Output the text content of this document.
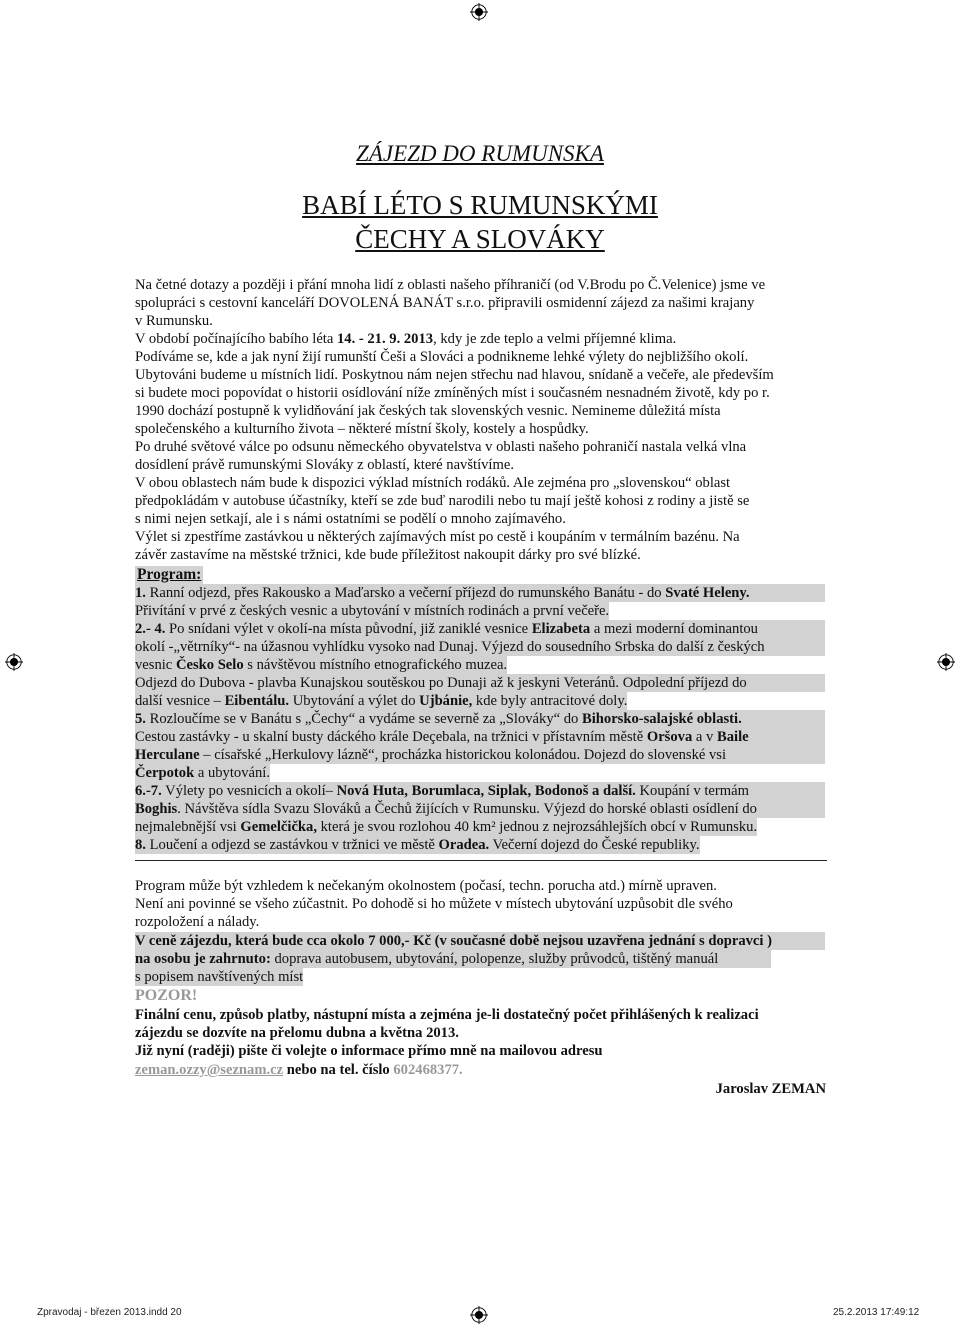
ZÁJEZD DO RUMUNSKA
BABÍ LÉTO S RUMUNSKÝMI
ČECHY A SLOVÁKY
Na četné dotazy a později i přání mnoha lidí z oblasti našeho příhraničí (od V.Brodu po Č.Velenice) jsme ve
spolupráci s cestovní kanceláří DOVOLENÁ BANÁT s.r.o. připravili osmidenní zájezd za našimi krajany
v Rumunsku.
V období počínajícího babího léta 14. - 21. 9. 2013, kdy je zde teplo a velmi příjemné klima.
Podíváme se, kde a jak nyní žijí rumunští Češi a Slováci a podnikneme lehké výlety do nejbližšího okolí.
Ubytováni budeme u místních lidí. Poskytnou nám nejen střechu nad hlavou, snídaně a večeře, ale především
si budete moci popovídat o historii osídlování níže zmíněných míst i současném nesnadném životě, kdy po r.
1990 dochází postupně k vylidňování jak českých tak slovenských vesnic. Nemineme důležitá místa
společenského a kulturního života – některé místní školy, kostely a hospůdky.
Po druhé světové válce po odsunu německého obyvatelstva v oblasti našeho pohraničí nastala velká vlna
dosídlení právě rumunskými Slováky z oblastí, které navštívíme.
V obou oblastech nám bude k dispozici výklad místních rodáků. Ale zejména pro „slovenskou“ oblast
předpokládám v autobuse účastníky, kteří se zde buď narodili nebo tu mají ještě kohosi z rodiny a jistě se
s nimi nejen setkají, ale i s námi ostatními se podělí o mnoho zajímavého.
Výlet si zpestříme zastávkou u některých zajímavých míst po cestě i koupáním v termálním bazénu. Na
závěr zastavíme na městské tržnici, kde bude příležitost nakoupit dárky pro své blízké.
Program:
1. Ranní odjezd, přes Rakousko a Maďarsko a večerní příjezd do rumunského Banátu - do Svaté Heleny.
Přivítání v prvé z českých vesnic a ubytování v místních rodinách a první večeře.
2.- 4. Po snídani výlet v okolí-na místa původní, již zaniklé vesnice Elizabeta a mezi moderní dominantou
okolí -„větrníky“- na úžasnou vyhlídku vysoko nad Dunaj. Výjezd do sousedního Srbska do další z českých
vesnic Česko Selo s návštěvou místního etnografického muzea.
Odjezd do Dubova - plavba Kunajskou soutěskou po Dunaji až k jeskyni Veteránů. Odpolední příjezd do
další vesnice – Eibentálu. Ubytování a výlet do Ujbánie, kde byly antracitové doly.
5. Rozloučíme se v Banátu s „Čechy“ a vydáme se severně za „Slováky“ do Bihorsko-salajské oblasti.
Cestou zastávky - u skalní busty dáckého krále Deçebala, na tržnici v přístavním městě Oršova a v Baile
Herculane – císařské „Herkulovy lázně“, procházka historickou kolonádou. Dojezd do slovenské vsi
Čerpotok a ubytování.
6.-7. Výlety po vesnicích a okolí– Nová Huta, Borumlaca, Siplak, Bodonoš a další. Koupání v termám
Boghis. Návštěva sídla Svazu Slováků a Čechů žijících v Rumunsku. Výjezd do horské oblasti osídlení do
nejmalebnější vsi Gemelčička, která je svou rozlohou 40 km² jednou z nejrozsáhlejších obcí v Rumunsku.
8. Loučení a odjezd se zastávkou v tržnici ve městě Oradea. Večerní dojezd do České republiky.
Program může být vzhledem k nečekaným okolnostem (počasí, techn. porucha atd.) mírně upraven.
Není ani povinné se všeho zúčastnit. Po dohodě si ho můžete v místech ubytování uzpůsobit dle svého
rozpoložení a nálady.
V ceně zájezdu, která bude cca okolo 7 000,- Kč (v současné době nejsou uzavřena jednání s dopravci )
na osobu je zahrnuto: doprava autobusem, ubytování, polopenze, služby průvodců, tištěný manuál
s popisem navštívených míst
POZOR!
Finální cenu, způsob platby, nástupní místa a zejména je-li dostatečný počet přihlášených k realizaci
zájezdu se dozvíte na přelomu dubna a května 2013.
Již nyní (raději) pište či volejte o informace přímo mně na mailovou adresu
zeman.ozzy@seznam.cz nebo na tel. číslo 602468377.
Jaroslav ZEMAN
Zpravodaj - březen 2013.indd 20	25.2.2013 17:49:12
